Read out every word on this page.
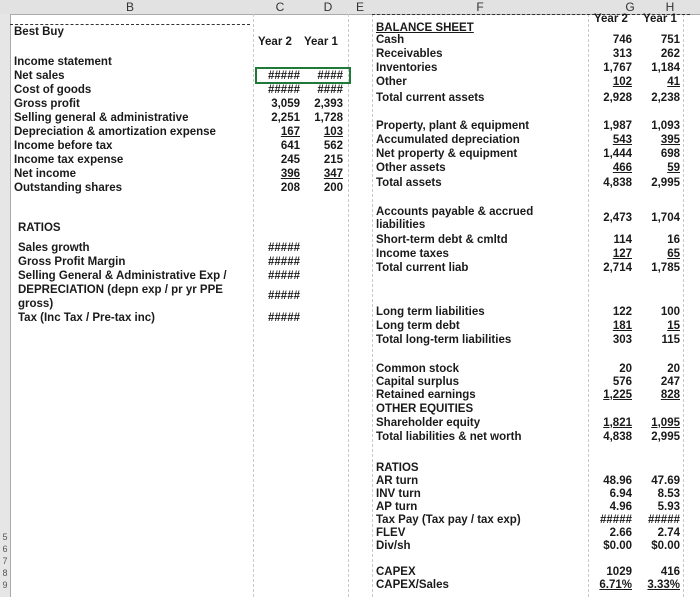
B	C	D	E	F	G	H
Best Buy
Year 2 Year 1
Income statement
Net sales	##### ####
Cost of goods	##### ####
Gross profit	3,059 2,393
Selling general & administrative	2,251 1,728
Depreciation & amortization expense	167 103
Income before tax	641 562
Income tax expense	245 215
Net income	396 347
Outstanding shares	208 200
RATIOS
Sales growth	#####
Gross Profit Margin	#####
Selling General & Administrative Exp /	#####
DEPRECIATION (depn exp / pr yr PPE
gross)
#####
Tax (Inc Tax / Pre-tax inc)	#####
BALANCE SHEET
Year 2 Year 1
Cash	746	751
Receivables	313	262
Inventories	1,767 1,184
Other	102	41
Total current assets	2,928 2,238
Property, plant & equipment	1,987 1,093
Accumulated depreciation	543	395
Net property & equipment	1,444	698
Other assets	466	59
Total assets	4,838 2,995
Accounts payable & accrued
liabilities
2,473 1,704
Short-term debt & cmltd	114	16
Income taxes	127	65
Total current liab	2,714 1,785
Long term liabilities	122	100
Long term debt	181	15
Total long-term liabilities	303	115
Common stock	20	20
Capital surplus	576	247
Retained earnings	1,225	828
OTHER EQUITIES
Shareholder equity	1,821 1,095
Total liabilities & net worth	4,838 2,995
AR turn	48.96 47.69
INV turn	6.94 8.53
AP turn	4.96 5.93
Tax Pay (Tax pay / tax exp)	##### #####
FLEV	2.66 2.74
Div/sh	$0.00 $0.00
CAPEX	1029	416
CAPEX/Sales	6.71% 3.33%
RATIOS
5
6
7
8
9
